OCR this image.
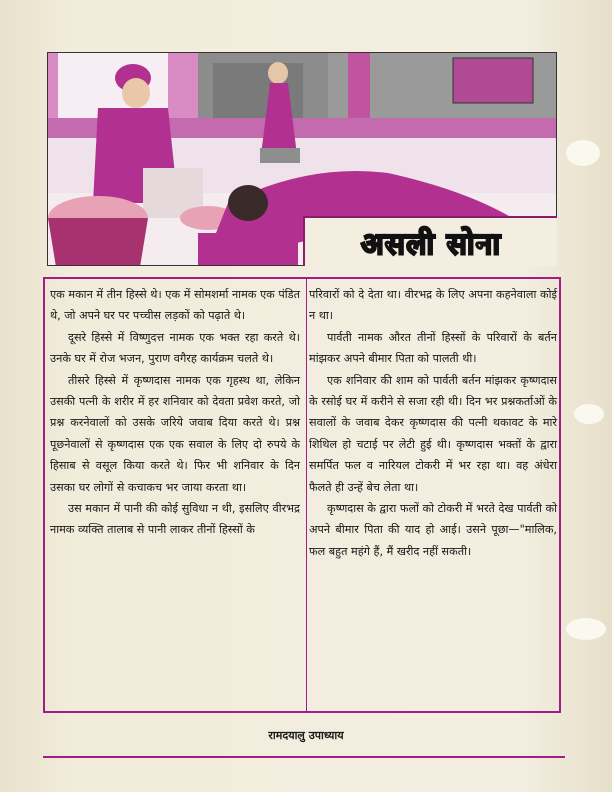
असली सोना

एक मकान में तीन हिस्से थे। एक में सोमशर्मा नामक एक पंडित थे, जो अपने घर पर पच्चीस लड़कों को पढ़ाते थे।

दूसरे हिस्से में विष्णुदत्त नामक एक भक्त रहा करते थे। उनके घर में रोज भजन, पुराण वगैरह कार्यक्रम चलते थे।

तीसरे हिस्से में कृष्णदास नामक एक गृहस्थ था, लेकिन उसकी पत्नी के शरीर में हर शनिवार को देवता प्रवेश करते, जो प्रश्न करनेवालों को उसके जरिये जवाब दिया करते थे। प्रश्न पूछनेवालों से कृष्णदास एक एक सवाल के लिए दो रुपये के हिसाब से वसूल किया करते थे। फिर भी शनिवार के दिन उसका घर लोगों से कचाकच भर जाया करता था।

उस मकान में पानी की कोई सुविधा न थी, इसलिए वीरभद्र नामक व्यक्ति तालाब से पानी लाकर तीनों हिस्सों के

परिवारों को दे देता था। वीरभद्र के लिए अपना कहनेवाला कोई न था।

पार्वती नामक औरत तीनों हिस्सों के परिवारों के बर्तन मांझकर अपने बीमार पिता को पालती थी।

एक शनिवार की शाम को पार्वती बर्तन मांझकर कृष्णदास के रसोई घर में करीने से सजा रही थी। दिन भर प्रश्नकर्ताओं के सवालों के जवाब देकर कृष्णदास की पत्नी थकावट के मारे शिथिल हो चटाई पर लेटी हुई थी। कृष्णदास भक्तों के द्वारा समर्पित फल व नारियल टोकरी में भर रहा था। वह अंधेरा फैलते ही उन्हें बेच लेता था।

कृष्णदास के द्वारा फलों को टोकरी में भरते देख पार्वती को अपने बीमार पिता की याद हो आई। उसने पूछा—"मालिक, फल बहुत महंगे हैं, मैं खरीद नहीं सकती।

रामदयालु उपाध्याय
